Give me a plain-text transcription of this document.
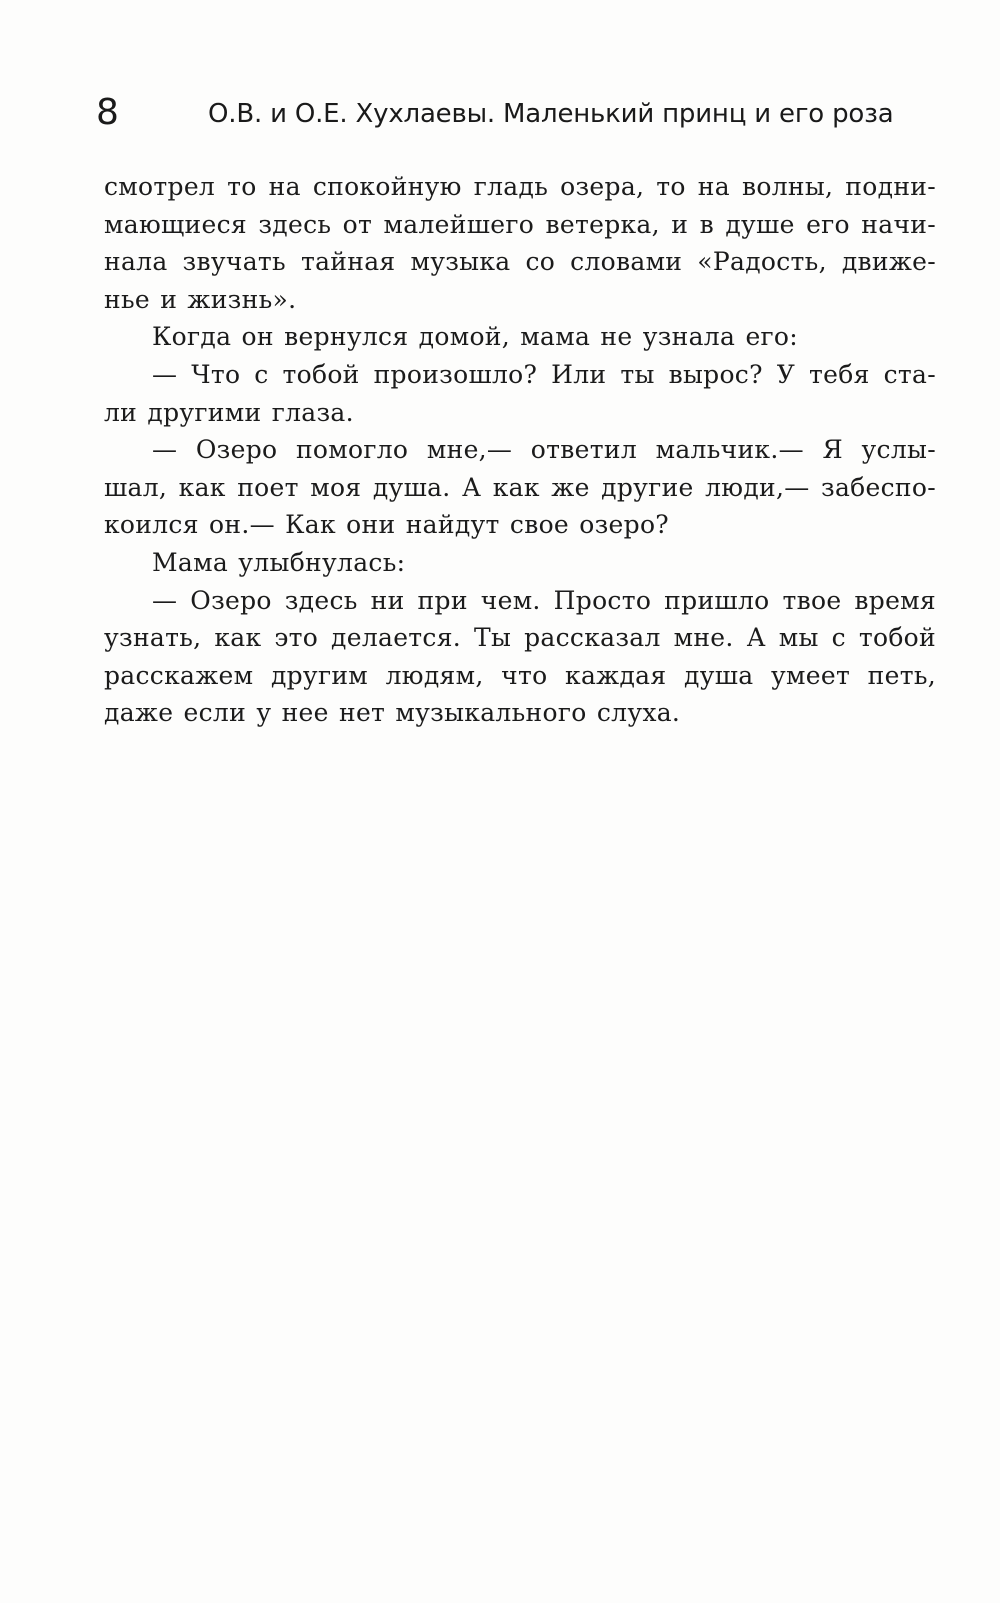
8	О.В. и О.Е. Хухлаевы. Маленький принц и его роза
смотрел то на спокойную гладь озера, то на волны, подни-
мающиеся здесь от малейшего ветерка, и в душе его начи-
нала звучать тайная музыка со словами «Радость, движе-
нье и жизнь».
Когда он вернулся домой, мама не узнала его:
— Что с тобой произошло? Или ты вырос? У тебя ста-
ли другими глаза.
— Озеро помогло мне,— ответил мальчик.— Я услы-
шал, как поет моя душа. А как же другие люди,— забеспо-
коился он.— Как они найдут свое озеро?
Мама улыбнулась:
— Озеро здесь ни при чем. Просто пришло твое время
узнать, как это делается. Ты рассказал мне. А мы с тобой
расскажем другим людям, что каждая душа умеет петь,
даже если у нее нет музыкального слуха.
